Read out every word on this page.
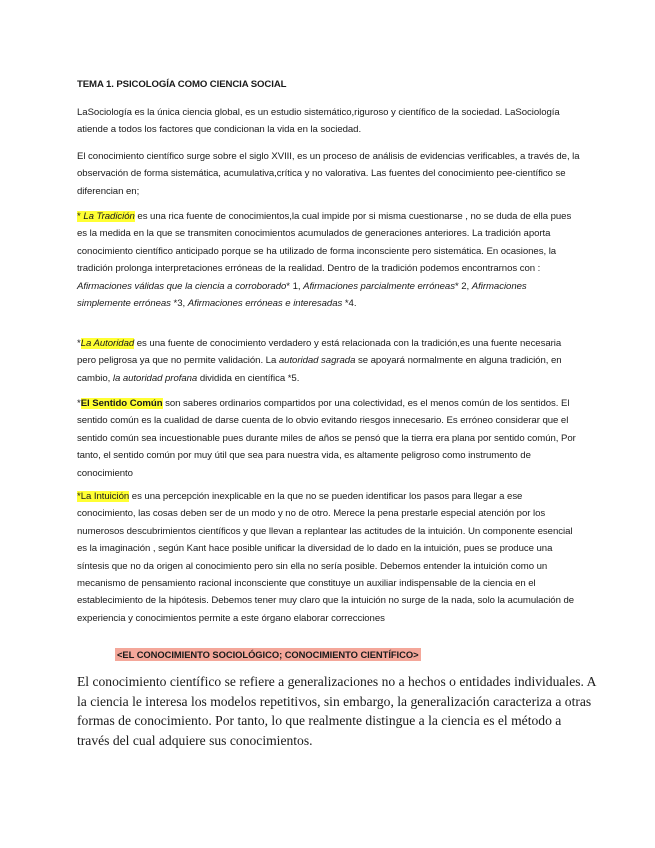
TEMA 1. PSICOLOGÍA COMO CIENCIA SOCIAL
LaSociología es la única ciencia global, es un estudio sistemático,riguroso y científico de la sociedad. LaSociología atiende a todos los factores que condicionan la vida en la sociedad.
El conocimiento científico surge sobre el siglo XVIII, es un proceso de análisis de evidencias verificables, a través de, la observación de forma sistemática, acumulativa,crítica y no valorativa. Las fuentes del conocimiento pee-científico se diferencian en;
* La Tradición es una rica fuente de conocimientos,la cual impide por si misma cuestionarse , no se duda de ella pues es la medida en la que se transmiten conocimientos acumulados de generaciones anteriores. La tradición aporta conocimiento científico anticipado porque se ha utilizado de forma inconsciente pero sistemática. En ocasiones, la tradición prolonga interpretaciones erróneas de la realidad. Dentro de la tradición podemos encontrarnos con : Afirmaciones válidas que la ciencia a corroborado* 1, Afirmaciones parcialmente erróneas* 2, Afirmaciones simplemente erróneas *3, Afirmaciones erróneas e interesadas *4.
*La Autoridad es una fuente de conocimiento verdadero y está relacionada con la tradición,es una fuente necesaria pero peligrosa ya que no permite validación. La autoridad sagrada se apoyará normalmente en alguna tradición, en cambio, la autoridad profana dividida en científica *5.
*El Sentido Común son saberes ordinarios compartidos por una colectividad, es el menos común de los sentidos. El sentido común es la cualidad de darse cuenta de lo obvio evitando riesgos innecesario. Es erróneo considerar que el sentido común sea incuestionable pues durante miles de años se pensó que la tierra era plana por sentido común, Por tanto, el sentido común por muy útil que sea para nuestra vida, es altamente peligroso como instrumento de conocimiento
*La Intuición es una percepción inexplicable en la que no se pueden identificar los pasos para llegar a ese conocimiento, las cosas deben ser de un modo y no de otro. Merece la pena prestarle especial atención por los numerosos descubrimientos científicos y que llevan a replantear las actitudes de la intuición. Un componente esencial es la imaginación , según Kant hace posible unificar la diversidad de lo dado en la intuición, pues se produce una síntesis que no da origen al conocimiento pero sin ella no sería posible. Debemos entender la intuición como un mecanismo de pensamiento racional inconsciente que constituye un auxiliar indispensable de la ciencia en el establecimiento de la hipótesis. Debemos tener muy claro que la intuición no surge de la nada, solo la acumulación de experiencia y conocimientos permite a este órgano elaborar correcciones
<EL CONOCIMIENTO SOCIOLÓGICO; CONOCIMIENTO CIENTÍFICO>
El conocimiento científico se refiere a generalizaciones no a hechos o entidades individuales. A la ciencia le interesa los modelos repetitivos, sin embargo, la generalización caracteriza a otras formas de conocimiento. Por tanto, lo que realmente distingue a la ciencia es el método a través del cual adquiere sus conocimientos.
